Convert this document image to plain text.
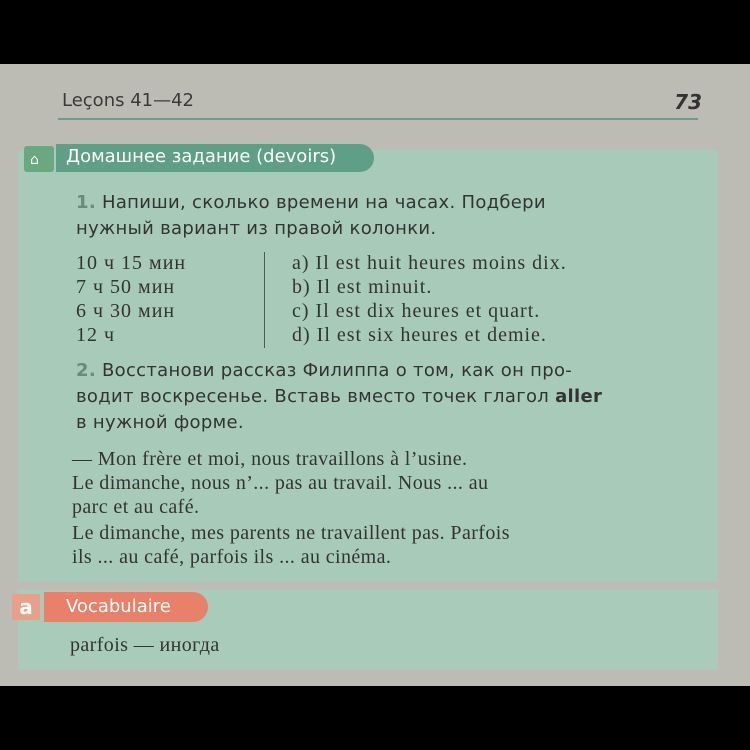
Leçons 41—42	73
⌂ Домашнее задание (devoirs)
1. Напиши, сколько времени на часах. Подбери
нужный вариант из правой колонки.
10 ч 15 мин
7 ч 50 мин
6 ч 30 мин
12 ч
a) Il est huit heures moins dix.
b) Il est minuit.
c) Il est dix heures et quart.
d) Il est six heures et demie.
2. Восстанови рассказ Филиппа о том, как он про-
водит воскресенье. Вставь вместо точек глагол aller
в нужной форме.
— Mon frère et moi, nous travaillons à l’usine.
Le dimanche, nous n’... pas au travail. Nous ... au
parc et au café.
Le dimanche, mes parents ne travaillent pas. Parfois
ils ... au café, parfois ils ... au cinéma.
a	Vocabulaire
parfois — иногда
